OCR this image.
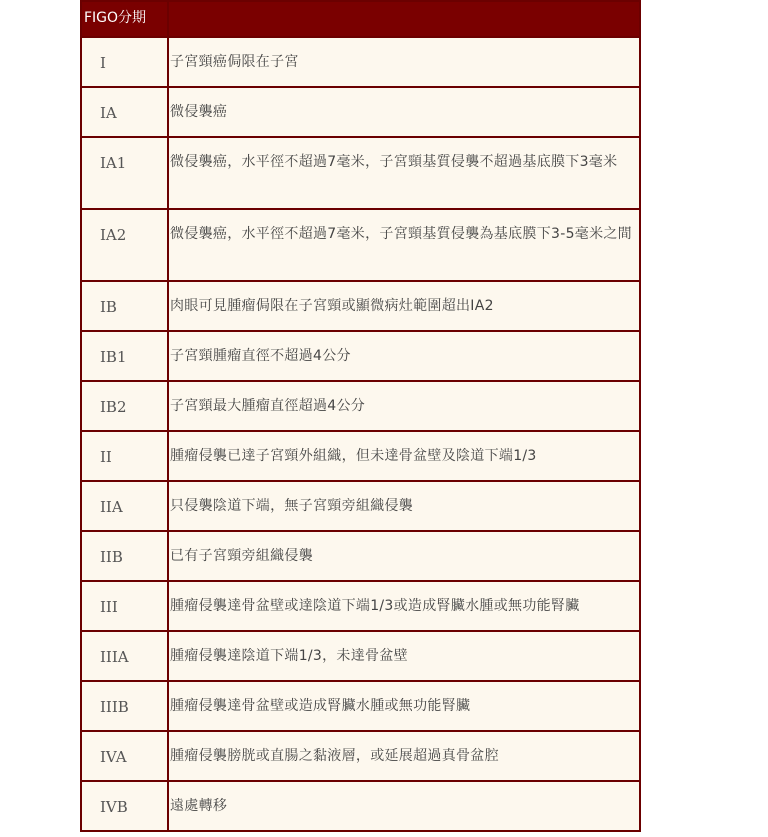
FIGO分期	
I	子宮頸癌侷限在子宮
IA	微侵襲癌
IA1	微侵襲癌，水平徑不超過7毫米，子宮頸基質侵襲不超過基底膜下3毫米
IA2	微侵襲癌，水平徑不超過7毫米，子宮頸基質侵襲為基底膜下3-5毫米之間
IB	肉眼可見腫瘤侷限在子宮頸或顯微病灶範圍超出IA2
IB1	子宮頸腫瘤直徑不超過4公分
IB2	子宮頸最大腫瘤直徑超過4公分
II	腫瘤侵襲已達子宮頸外組織，但未達骨盆壁及陰道下端1/3
IIA	只侵襲陰道下端，無子宮頸旁組織侵襲
IIB	已有子宮頸旁組織侵襲
III	腫瘤侵襲達骨盆壁或達陰道下端1/3或造成腎臟水腫或無功能腎臟
IIIA	腫瘤侵襲達陰道下端1/3，未達骨盆壁
IIIB	腫瘤侵襲達骨盆壁或造成腎臟水腫或無功能腎臟
IVA	腫瘤侵襲膀胱或直腸之黏液層，或延展超過真骨盆腔
IVB	遠處轉移
